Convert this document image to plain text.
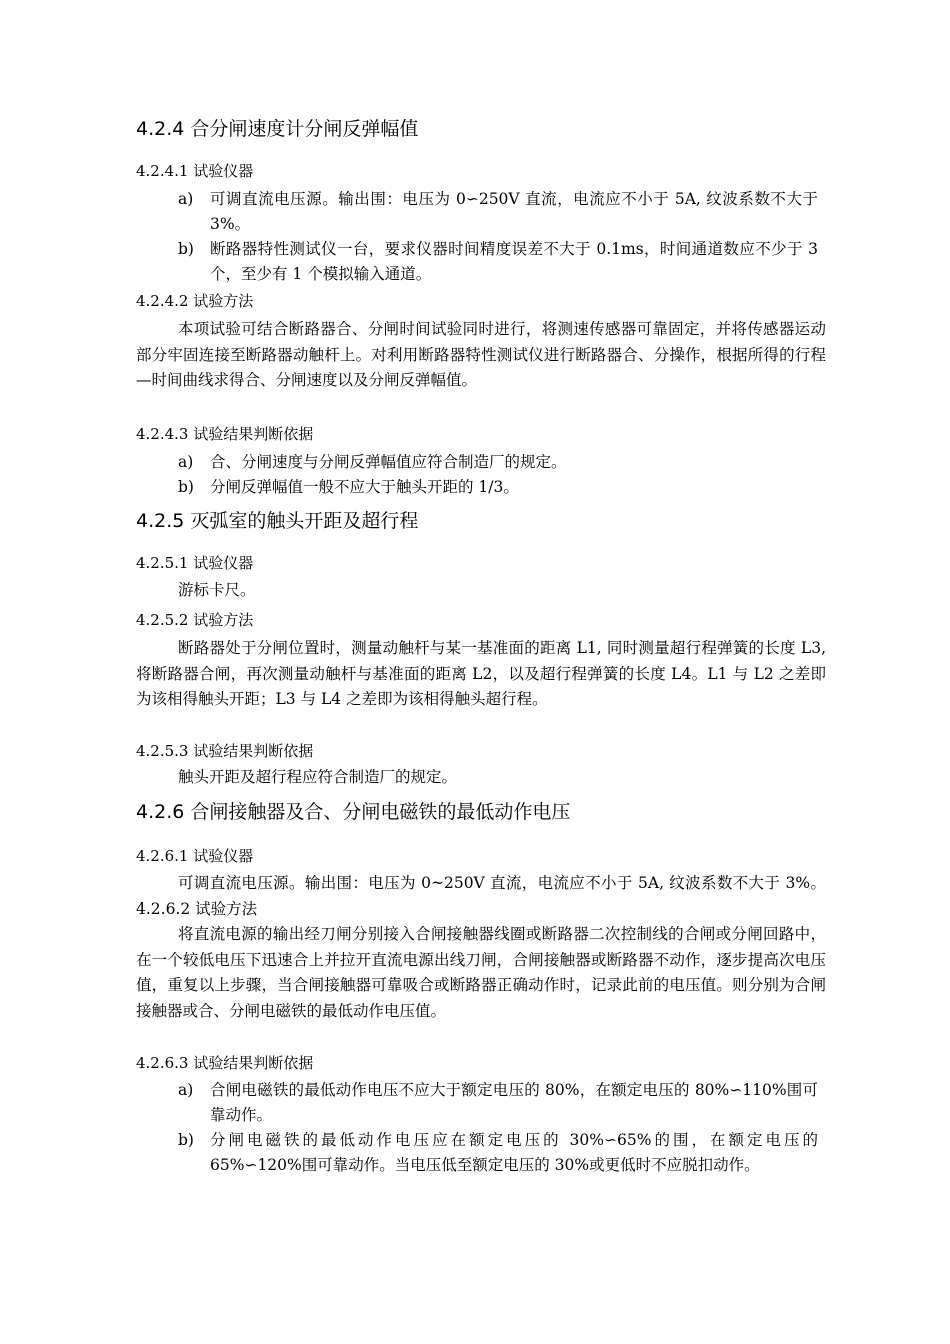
4.2.4 合分闸速度计分闸反弹幅值
4.2.4.1 试验仪器
a) 可调直流电压源。输出围：电压为 0∽250V 直流，电流应不小于 5A, 纹波系数不大于 3%。
b) 断路器特性测试仪一台，要求仪器时间精度误差不大于 0.1ms，时间通道数应不少于 3 个，至少有 1 个模拟输入通道。
4.2.4.2 试验方法
本项试验可结合断路器合、分闸时间试验同时进行，将测速传感器可靠固定，并将传感器运动部分牢固连接至断路器动触杆上。对利用断路器特性测试仪进行断路器合、分操作，根据所得的行程—时间曲线求得合、分闸速度以及分闸反弹幅值。
4.2.4.3 试验结果判断依据
a) 合、分闸速度与分闸反弹幅值应符合制造厂的规定。
b) 分闸反弹幅值一般不应大于触头开距的 1/3。
4.2.5 灭弧室的触头开距及超行程
4.2.5.1 试验仪器
游标卡尺。
4.2.5.2 试验方法
断路器处于分闸位置时，测量动触杆与某一基准面的距离 L1, 同时测量超行程弹簧的长度 L3, 将断路器合闸，再次测量动触杆与基准面的距离 L2，以及超行程弹簧的长度 L4。L1 与 L2 之差即为该相得触头开距；L3 与 L4 之差即为该相得触头超行程。
4.2.5.3 试验结果判断依据
触头开距及超行程应符合制造厂的规定。
4.2.6 合闸接触器及合、分闸电磁铁的最低动作电压
4.2.6.1 试验仪器
可调直流电压源。输出围：电压为 0~250V 直流，电流应不小于 5A, 纹波系数不大于 3%。4.2.6.2 试验方法
将直流电源的输出经刀闸分别接入合闸接触器线圈或断路器二次控制线的合闸或分闸回路中，在一个较低电压下迅速合上并拉开直流电源出线刀闸，合闸接触器或断路器不动作，逐步提高次电压值，重复以上步骤，当合闸接触器可靠吸合或断路器正确动作时，记录此前的电压值。则分别为合闸接触器或合、分闸电磁铁的最低动作电压值。
4.2.6.3 试验结果判断依据
a) 合闸电磁铁的最低动作电压不应大于额定电压的 80%，在额定电压的 80%∽110%围可靠动作。
b) 分闸电磁铁的最低动作电压应在额定电压的 30%∽65%的围，在额定电压的 65%∽120%围可靠动作。当电压低至额定电压的 30%或更低时不应脱扣动作。
